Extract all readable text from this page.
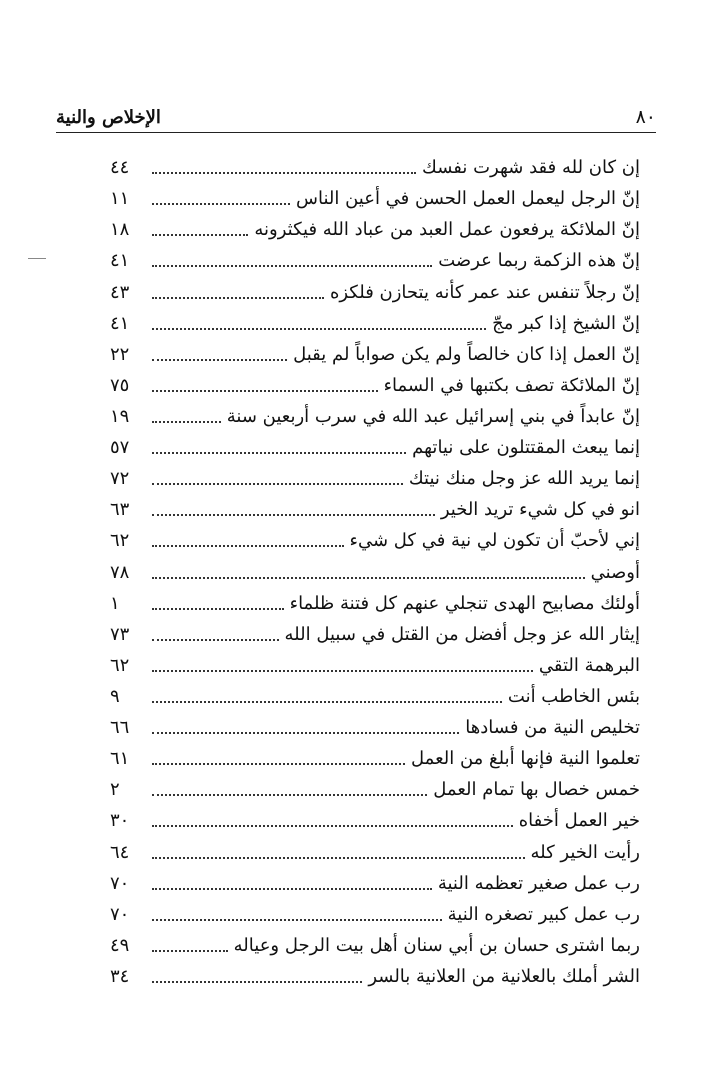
٨٠
الإخلاص والنية
إن كان لله فقد شهرت نفسك
٤٤
إنّ الرجل ليعمل العمل الحسن في أعين الناس
١١
إنّ الملائكة يرفعون عمل العبد من عباد الله فيكثرونه
١٨
إنّ هذه الزكمة ربما عرضت
٤١
إنّ رجلاً تنفس عند عمر كأنه يتحازن فلكزه
٤٣
إنّ الشيخ إذا كبر مجّ
٤١
إنّ العمل إذا كان خالصاً ولم يكن صواباً لم يقبل
٢٢
إنّ الملائكة تصف بكتبها في السماء
٧٥
إنّ عابداً في بني إسرائيل عبد الله في سرب أربعين سنة
١٩
إنما يبعث المقتتلون على نياتهم
٥٧
إنما يريد الله عز وجل منك نيتك
٧٢
انو في كل شيء تريد الخير
٦٣
إني لأحبّ أن تكون لي نية في كل شيء
٦٢
أوصني
٧٨
أولئك مصابيح الهدى تنجلي عنهم كل فتنة ظلماء
١
إيثار الله عز وجل أفضل من القتل في سبيل الله
٧٣
البرهمة التقي
٦٢
بئس الخاطب أنت
٩
تخليص النية من فسادها
٦٦
تعلموا النية فإنها أبلغ من العمل
٦١
خمس خصال بها تمام العمل
٢
خير العمل أخفاه
٣٠
رأيت الخير كله
٦٤
رب عمل صغير تعظمه النية
٧٠
رب عمل كبير تصغره النية
٧٠
ربما اشترى حسان بن أبي سنان أهل بيت الرجل وعياله
٤٩
الشر أملك بالعلانية من العلانية بالسر
٣٤
